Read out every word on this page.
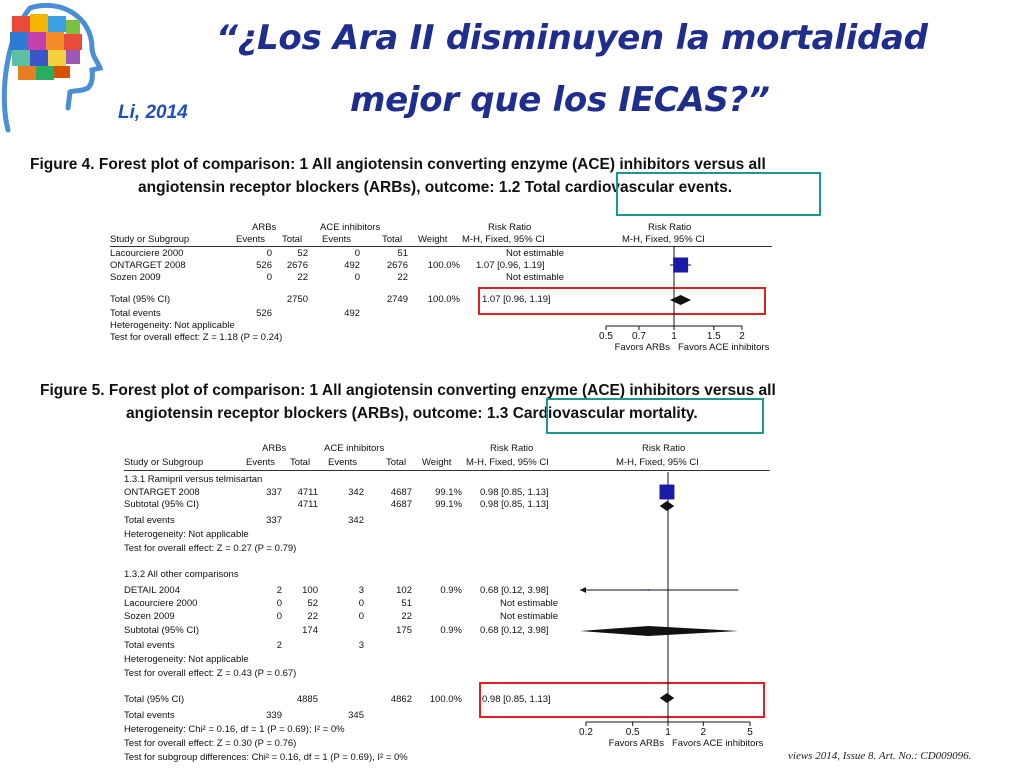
“¿Los Ara II disminuyen la mortalidad
mejor que los IECAS?”
Li, 2014
Figure 4. Forest plot of comparison: 1 All angiotensin converting enzyme (ACE) inhibitors versus all
angiotensin receptor blockers (ARBs), outcome: 1.2 Total cardiovascular events.
ARBs	ACE inhibitors	Risk Ratio	Risk Ratio
Study or Subgroup	Events Total Events	Total Weight M-H, Fixed, 95% CI	M-H, Fixed, 95% CI
Lacourciere 2000	0	52	0	51	Not estimable
ONTARGET 2008	526	2676	492	2676	100.0% 1.07 [0.96, 1.19]
Sozen 2009	0	22	0	22	Not estimable
Total (95% CI)	2750	2749	100.0% 1.07 [0.96, 1.19]
Total events	526	492
Heterogeneity: Not applicable
Test for overall effect: Z = 1.18 (P = 0.24)	0.5 0.7	1	1.5 2
Favors ARBs Favors ACE inhibitors
Figure 5. Forest plot of comparison: 1 All angiotensin converting enzyme (ACE) inhibitors versus all
angiotensin receptor blockers (ARBs), outcome: 1.3 Cardiovascular mortality.
ARBs	ACE inhibitors	Risk Ratio	Risk Ratio
Study or Subgroup	Events Total Events	Total Weight M-H, Fixed, 95% CI	M-H, Fixed, 95% CI
1.3.1 Ramipril versus telmisartan
ONTARGET 2008	337	4711	342	4687	99.1% 0.98 [0.85, 1.13]
Subtotal (95% CI)	4711	4687	99.1% 0.98 [0.85, 1.13]
Total events	337	342
Heterogeneity: Not applicable
Test for overall effect: Z = 0.27 (P = 0.79)
1.3.2 All other comparisons
DETAIL 2004	2	100	3	102	0.9% 0.68 [0.12, 3.98]
Lacourciere 2000	0	52	0	51	Not estimable
Sozen 2009	0	22	0	22	Not estimable
Subtotal (95% CI)	174	175	0.9% 0.68 [0.12, 3.98]
Total events	2	3
Heterogeneity: Not applicable
Test for overall effect: Z = 0.43 (P = 0.67)
Total (95% CI)	4885	4862	100.0% 0.98 [0.85, 1.13]
Total events	339	345
Heterogeneity: Chi² = 0.16, df = 1 (P = 0.69); I² = 0%
Test for overall effect: Z = 0.30 (P = 0.76)
Test for subgroup differences: Chi² = 0.16, df = 1 (P = 0.69), I² = 0%
0.2	0.5	1	2	5
Favors ARBs Favors ACE inhibitors
views 2014, Issue 8. Art. No.: CD009096.
